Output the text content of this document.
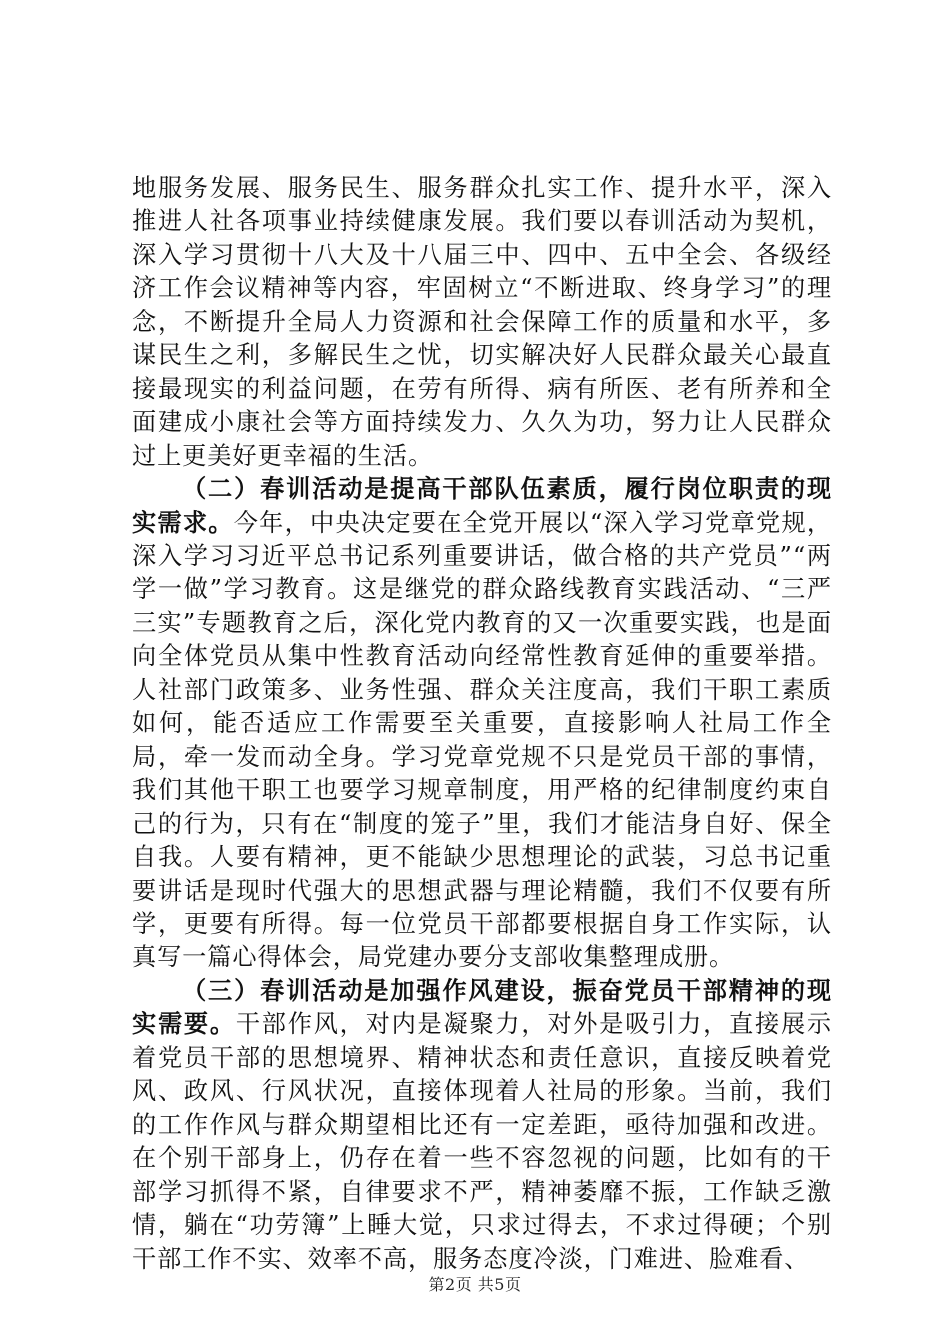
地服务发展、服务民生、服务群众扎实工作、提升水平，深入推进人社各项事业持续健康发展。我们要以春训活动为契机，深入学习贯彻十八大及十八届三中、四中、五中全会、各级经济工作会议精神等内容，牢固树立“不断进取、终身学习”的理念，不断提升全局人力资源和社会保障工作的质量和水平，多谋民生之利，多解民生之忧，切实解决好人民群众最关心最直接最现实的利益问题，在劳有所得、病有所医、老有所养和全面建成小康社会等方面持续发力、久久为功，努力让人民群众过上更美好更幸福的生活。

（二）春训活动是提高干部队伍素质，履行岗位职责的现实需求。今年，中央决定要在全党开展以“深入学习党章党规，深入学习习近平总书记系列重要讲话，做合格的共产党员”“两学一做”学习教育。这是继党的群众路线教育实践活动、“三严三实”专题教育之后，深化党内教育的又一次重要实践，也是面向全体党员从集中性教育活动向经常性教育延伸的重要举措。人社部门政策多、业务性强、群众关注度高，我们干职工素质如何，能否适应工作需要至关重要，直接影响人社局工作全局，牵一发而动全身。学习党章党规不只是党员干部的事情，我们其他干职工也要学习规章制度，用严格的纪律制度约束自己的行为，只有在“制度的笼子”里，我们才能洁身自好、保全自我。人要有精神，更不能缺少思想理论的武装，习总书记重要讲话是现时代强大的思想武器与理论精髓，我们不仅要有所学，更要有所得。每一位党员干部都要根据自身工作实际，认真写一篇心得体会，局党建办要分支部收集整理成册。

（三）春训活动是加强作风建设，振奋党员干部精神的现实需要。干部作风，对内是凝聚力，对外是吸引力，直接展示着党员干部的思想境界、精神状态和责任意识，直接反映着党风、政风、行风状况，直接体现着人社局的形象。当前，我们的工作作风与群众期望相比还有一定差距，亟待加强和改进。在个别干部身上，仍存在着一些不容忽视的问题，比如有的干部学习抓得不紧，自律要求不严，精神萎靡不振，工作缺乏激情，躺在“功劳簿”上睡大觉，只求过得去，不求过得硬；个别干部工作不实、效率不高，服务态度冷淡，门难进、脸难看、

第2页 共5页
